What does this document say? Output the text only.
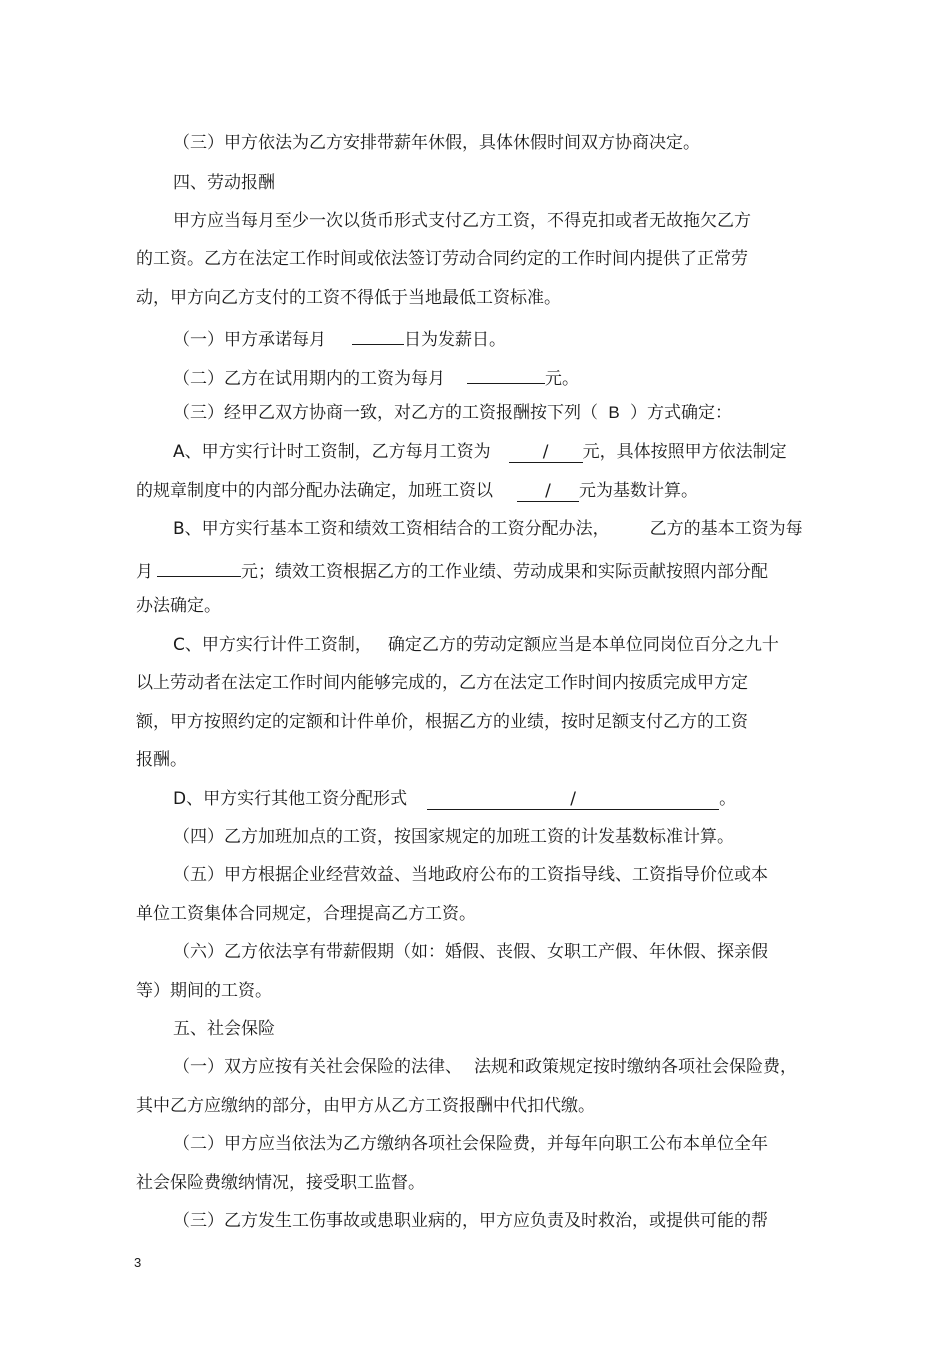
（三）甲方依法为乙方安排带薪年休假，具体休假时间双方协商决定。
四、劳动报酬
甲方应当每月至少一次以货币形式支付乙方工资，不得克扣或者无故拖欠乙方
的工资。乙方在法定工作时间或依法签订劳动合同约定的工作时间内提供了正常劳
动，甲方向乙方支付的工资不得低于当地最低工资标准。
（一）甲方承诺每月	日为发薪日。
（二）乙方在试用期内的工资为每月	元。
（三）经甲乙双方协商一致，对乙方的工资报酬按下列（ B ）方式确定：
A、甲方实行计时工资制，乙方每月工资为	/ 元，具体按照甲方依法制定
的规章制度中的内部分配办法确定，加班工资以	/ 元为基数计算。
B、甲方实行基本工资和绩效工资相结合的工资分配办法， 乙方的基本工资为每
月	元；绩效工资根据乙方的工作业绩、劳动成果和实际贡献按照内部分配
办法确定。
C、甲方实行计件工资制， 确定乙方的劳动定额应当是本单位同岗位百分之九十
以上劳动者在法定工作时间内能够完成的，乙方在法定工作时间内按质完成甲方定
额，甲方按照约定的定额和计件单价，根据乙方的业绩，按时足额支付乙方的工资
报酬。
D、甲方实行其他工资分配形式	/	。
（四）乙方加班加点的工资，按国家规定的加班工资的计发基数标准计算。
（五）甲方根据企业经营效益、当地政府公布的工资指导线、工资指导价位或本
单位工资集体合同规定，合理提高乙方工资。
（六）乙方依法享有带薪假期（如：婚假、丧假、女职工产假、年休假、探亲假
等）期间的工资。
五、社会保险
（一）双方应按有关社会保险的法律、 法规和政策规定按时缴纳各项社会保险费，
其中乙方应缴纳的部分，由甲方从乙方工资报酬中代扣代缴。
（二）甲方应当依法为乙方缴纳各项社会保险费，并每年向职工公布本单位全年
社会保险费缴纳情况，接受职工监督。
（三）乙方发生工伤事故或患职业病的，甲方应负责及时救治，或提供可能的帮
3
